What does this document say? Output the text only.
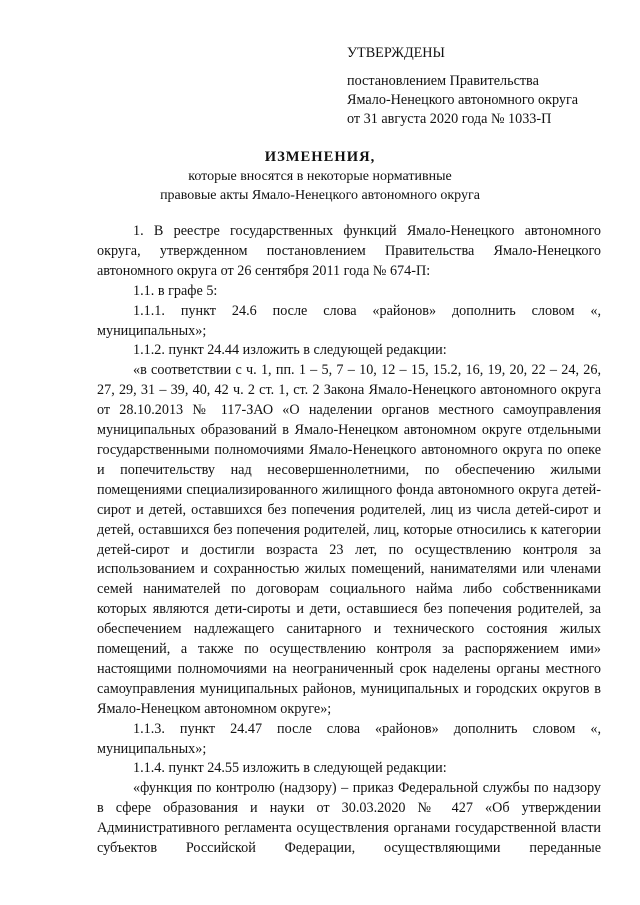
УТВЕРЖДЕНЫ
постановлением Правительства
Ямало-Ненецкого автономного округа
от 31 августа 2020 года № 1033-П
ИЗМЕНЕНИЯ,
которые вносятся в некоторые нормативные
правовые акты Ямало-Ненецкого автономного округа

1. В реестре государственных функций Ямало-Ненецкого автономного округа, утвержденном постановлением Правительства Ямало-Ненецкого автономного округа от 26 сентября 2011 года № 674-П:

1.1. в графе 5:

1.1.1. пункт 24.6 после слова «районов» дополнить словом «, муниципальных»;

1.1.2. пункт 24.44 изложить в следующей редакции:

«в соответствии с ч. 1, пп. 1 – 5, 7 – 10, 12 – 15, 15.2, 16, 19, 20, 22 – 24, 26, 27, 29, 31 – 39, 40, 42 ч. 2 ст. 1, ст. 2 Закона Ямало-Ненецкого автономного округа от 28.10.2013 № 117-ЗАО «О наделении органов местного самоуправления муниципальных образований в Ямало-Ненецком автономном округе отдельными государственными полномочиями Ямало-Ненецкого автономного округа по опеке и попечительству над несовершеннолетними, по обеспечению жилыми помещениями специализированного жилищного фонда автономного округа детей-сирот и детей, оставшихся без попечения родителей, лиц из числа детей-сирот и детей, оставшихся без попечения родителей, лиц, которые относились к категории детей-сирот и достигли возраста 23 лет, по осуществлению контроля за использованием и сохранностью жилых помещений, нанимателями или членами семей нанимателей по договорам социального найма либо собственниками которых являются дети-сироты и дети, оставшиеся без попечения родителей, за обеспечением надлежащего санитарного и технического состояния жилых помещений, а также по осуществлению контроля за распоряжением ими» настоящими полномочиями на неограниченный срок наделены органы местного самоуправления муниципальных районов, муниципальных и городских округов в Ямало-Ненецком автономном округе»;

1.1.3. пункт 24.47 после слова «районов» дополнить словом «, муниципальных»;

1.1.4. пункт 24.55 изложить в следующей редакции:

«функция по контролю (надзору) – приказ Федеральной службы по надзору в сфере образования и науки от 30.03.2020 № 427 «Об утверждении Административного регламента осуществления органами государственной власти субъектов Российской Федерации, осуществляющими переданные
